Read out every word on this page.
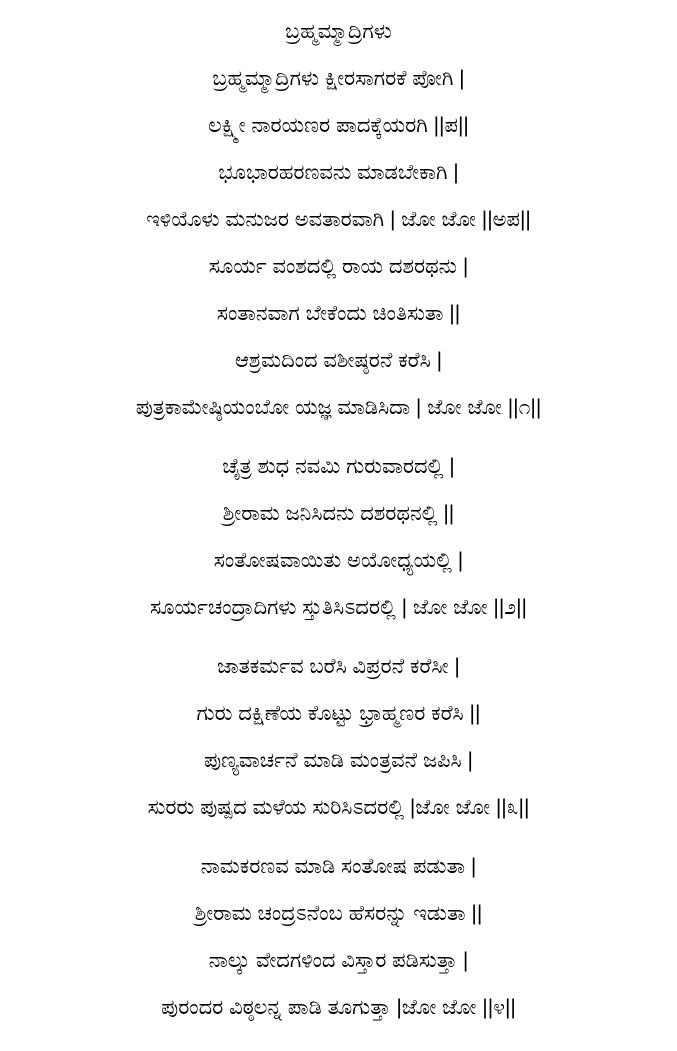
ಬ್ರಹ್ಮಮ್ಮಾದ್ರಿಗಳು
ಬ್ರಹ್ಮಮ್ಮಾದ್ರಿಗಳು ಕ್ಷೀರಸಾಗರಕೆ ಪೋಗಿ |
ಲಕ್ಷ್ಮೀ ನಾರಯಣರ ಪಾದಕ್ಕೆಯರಗಿ ||ಪ||
ಭೂಭಾರಹರಣವನು ಮಾಡಬೇಕಾಗಿ |
ಇಳಿಯೊಳು ಮನುಜರ ಅವತಾರವಾಗಿ | ಜೋ ಜೋ ||ಅಪ||
ಸೂರ್ಯ ವಂಶದಲ್ಲಿ ರಾಯ ದಶರಥನು |
ಸಂತಾನವಾಗ ಬೇಕೆಂದು ಚಿಂತಿಸುತಾ ||
ಆಶ್ರಮದಿಂದ ವಶೀಷ್ಠರನೆ ಕರೆಸಿ |
ಪುತ್ರಕಾಮೇಷ್ಠಿಯಂಬೋ ಯಜ್ಞ ಮಾಡಿಸಿದಾ | ಜೋ ಜೋ ||೧||
ಚೈತ್ರ ಶುಧ ನವಮಿ ಗುರುವಾರದಲ್ಲಿ |
ಶ್ರೀರಾಮ ಜನಿಸಿದನು ದಶರಥನಲ್ಲಿ ||
ಸಂತೋಷವಾಯಿತು ಅಯೋಧ್ಯಯಲ್ಲಿ |
ಸೂರ್ಯಚಂದ್ರಾದಿಗಳು ಸ್ತುತಿಸಿಽದರಲ್ಲಿ | ಜೋ ಜೋ ||೨||
ಜಾತಕರ್ಮವ ಬರೆಸಿ ವಿಪ್ರರನೆ ಕರೆಸೀ |
ಗುರು ದಕ್ಷಿಣೆಯ ಕೊಟ್ಟು ಭ್ರಾಹ್ಮಣರ ಕರೆಸಿ ||
ಪುಣ್ಯವಾರ್ಚನೆ ಮಾಡಿ ಮಂತ್ರವನೆ ಜಪಿಸಿ |
ಸುರರು ಪುಷ್ಪದ ಮಳೆಯ ಸುರಿಸಿಽದರಲ್ಲಿ |ಜೋ ಜೋ ||೩||
ನಾಮಕರಣವ ಮಾಡಿ ಸಂತೋಷ ಪಡುತಾ |
ಶ್ರೀರಾಮ ಚಂದ್ರಽನೆಂಬ ಹೆಸರನ್ನು ಇಡುತಾ ||
ನಾಲ್ಕು ವೇದಗಳಿಂದ ವಿಸ್ತಾರ ಪಡಿಸುತ್ತಾ |
ಪುರಂದರ ವಿಠ್ಠಲನ್ನ ಪಾಡಿ ತೂಗುತ್ತಾ |ಜೋ ಜೋ ||೪||
